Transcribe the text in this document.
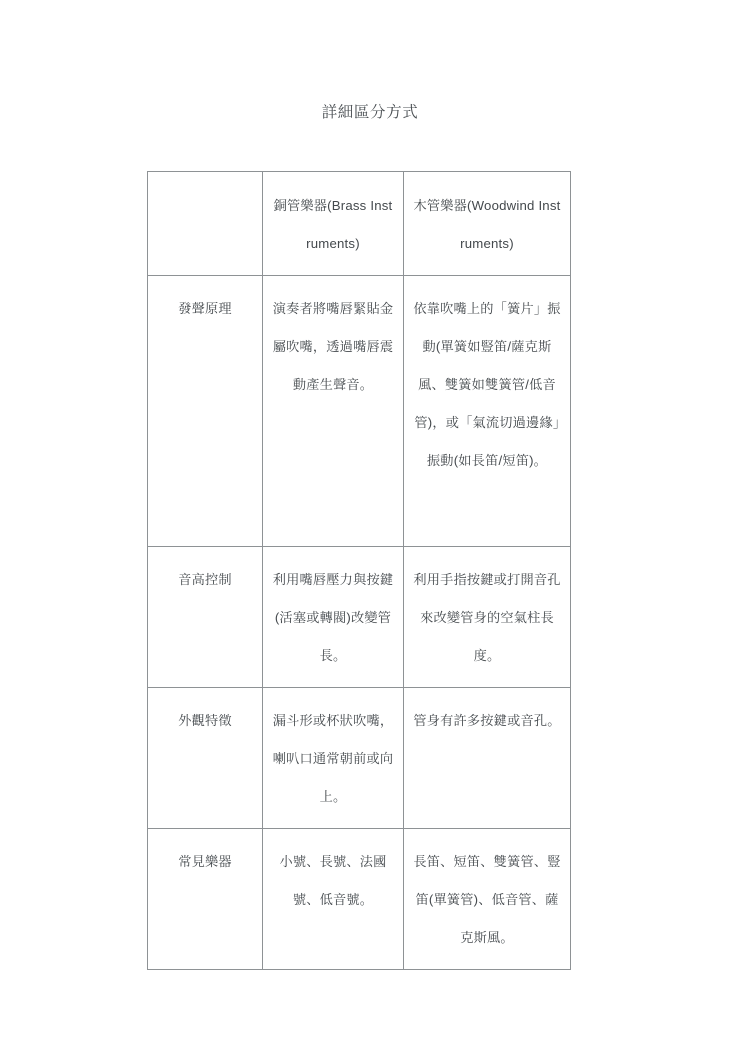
詳細區分方式
	銅管樂器(Brass Instruments)	木管樂器(Woodwind Instruments)
發聲原理	演奏者將嘴唇緊貼金屬吹嘴，透過嘴唇震動產生聲音。	依靠吹嘴上的「簧片」振動(單簧如豎笛/薩克斯風、雙簧如雙簧管/低音管)，或「氣流切過邊緣」振動(如長笛/短笛)。
音高控制	利用嘴唇壓力與按鍵(活塞或轉閥)改變管長。	利用手指按鍵或打開音孔來改變管身的空氣柱長度。
外觀特徵	漏斗形或杯狀吹嘴，喇叭口通常朝前或向上。	管身有許多按鍵或音孔。
常見樂器	小號、長號、法國號、低音號。	長笛、短笛、雙簧管、豎笛(單簧管)、低音管、薩克斯風。
